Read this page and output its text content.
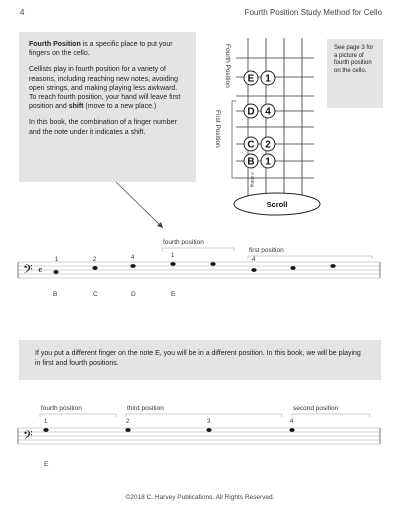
4	Fourth Position Study Method for Cello

Fourth Position is a specific place to put your fingers on the cello.

Cellists play in fourth position for a variety of reasons, including reaching new notes, avoiding open strings, and making playing less awkward. To reach fourth position, your hand will leave first position and shift (move to a new place.)

In this book, the combination of a finger number and the note under it indicates a shift.

See page 3 for a picture of fourth position on the cello.
Fourth Position
First Position
A string
E 1
D 4
C 2
B 1
Scroll
𝄢 𝄴
fourth position
first position
1	2	4	1
4
B	C	D	E
𝄢
fourth position	third position	second position
1	2	3	4
E
If you put a different finger on the note E, you will be in a different position. In this book, we will be playing in first and fourth positions.
©2018 C. Harvey Publications. All Rights Reserved.
